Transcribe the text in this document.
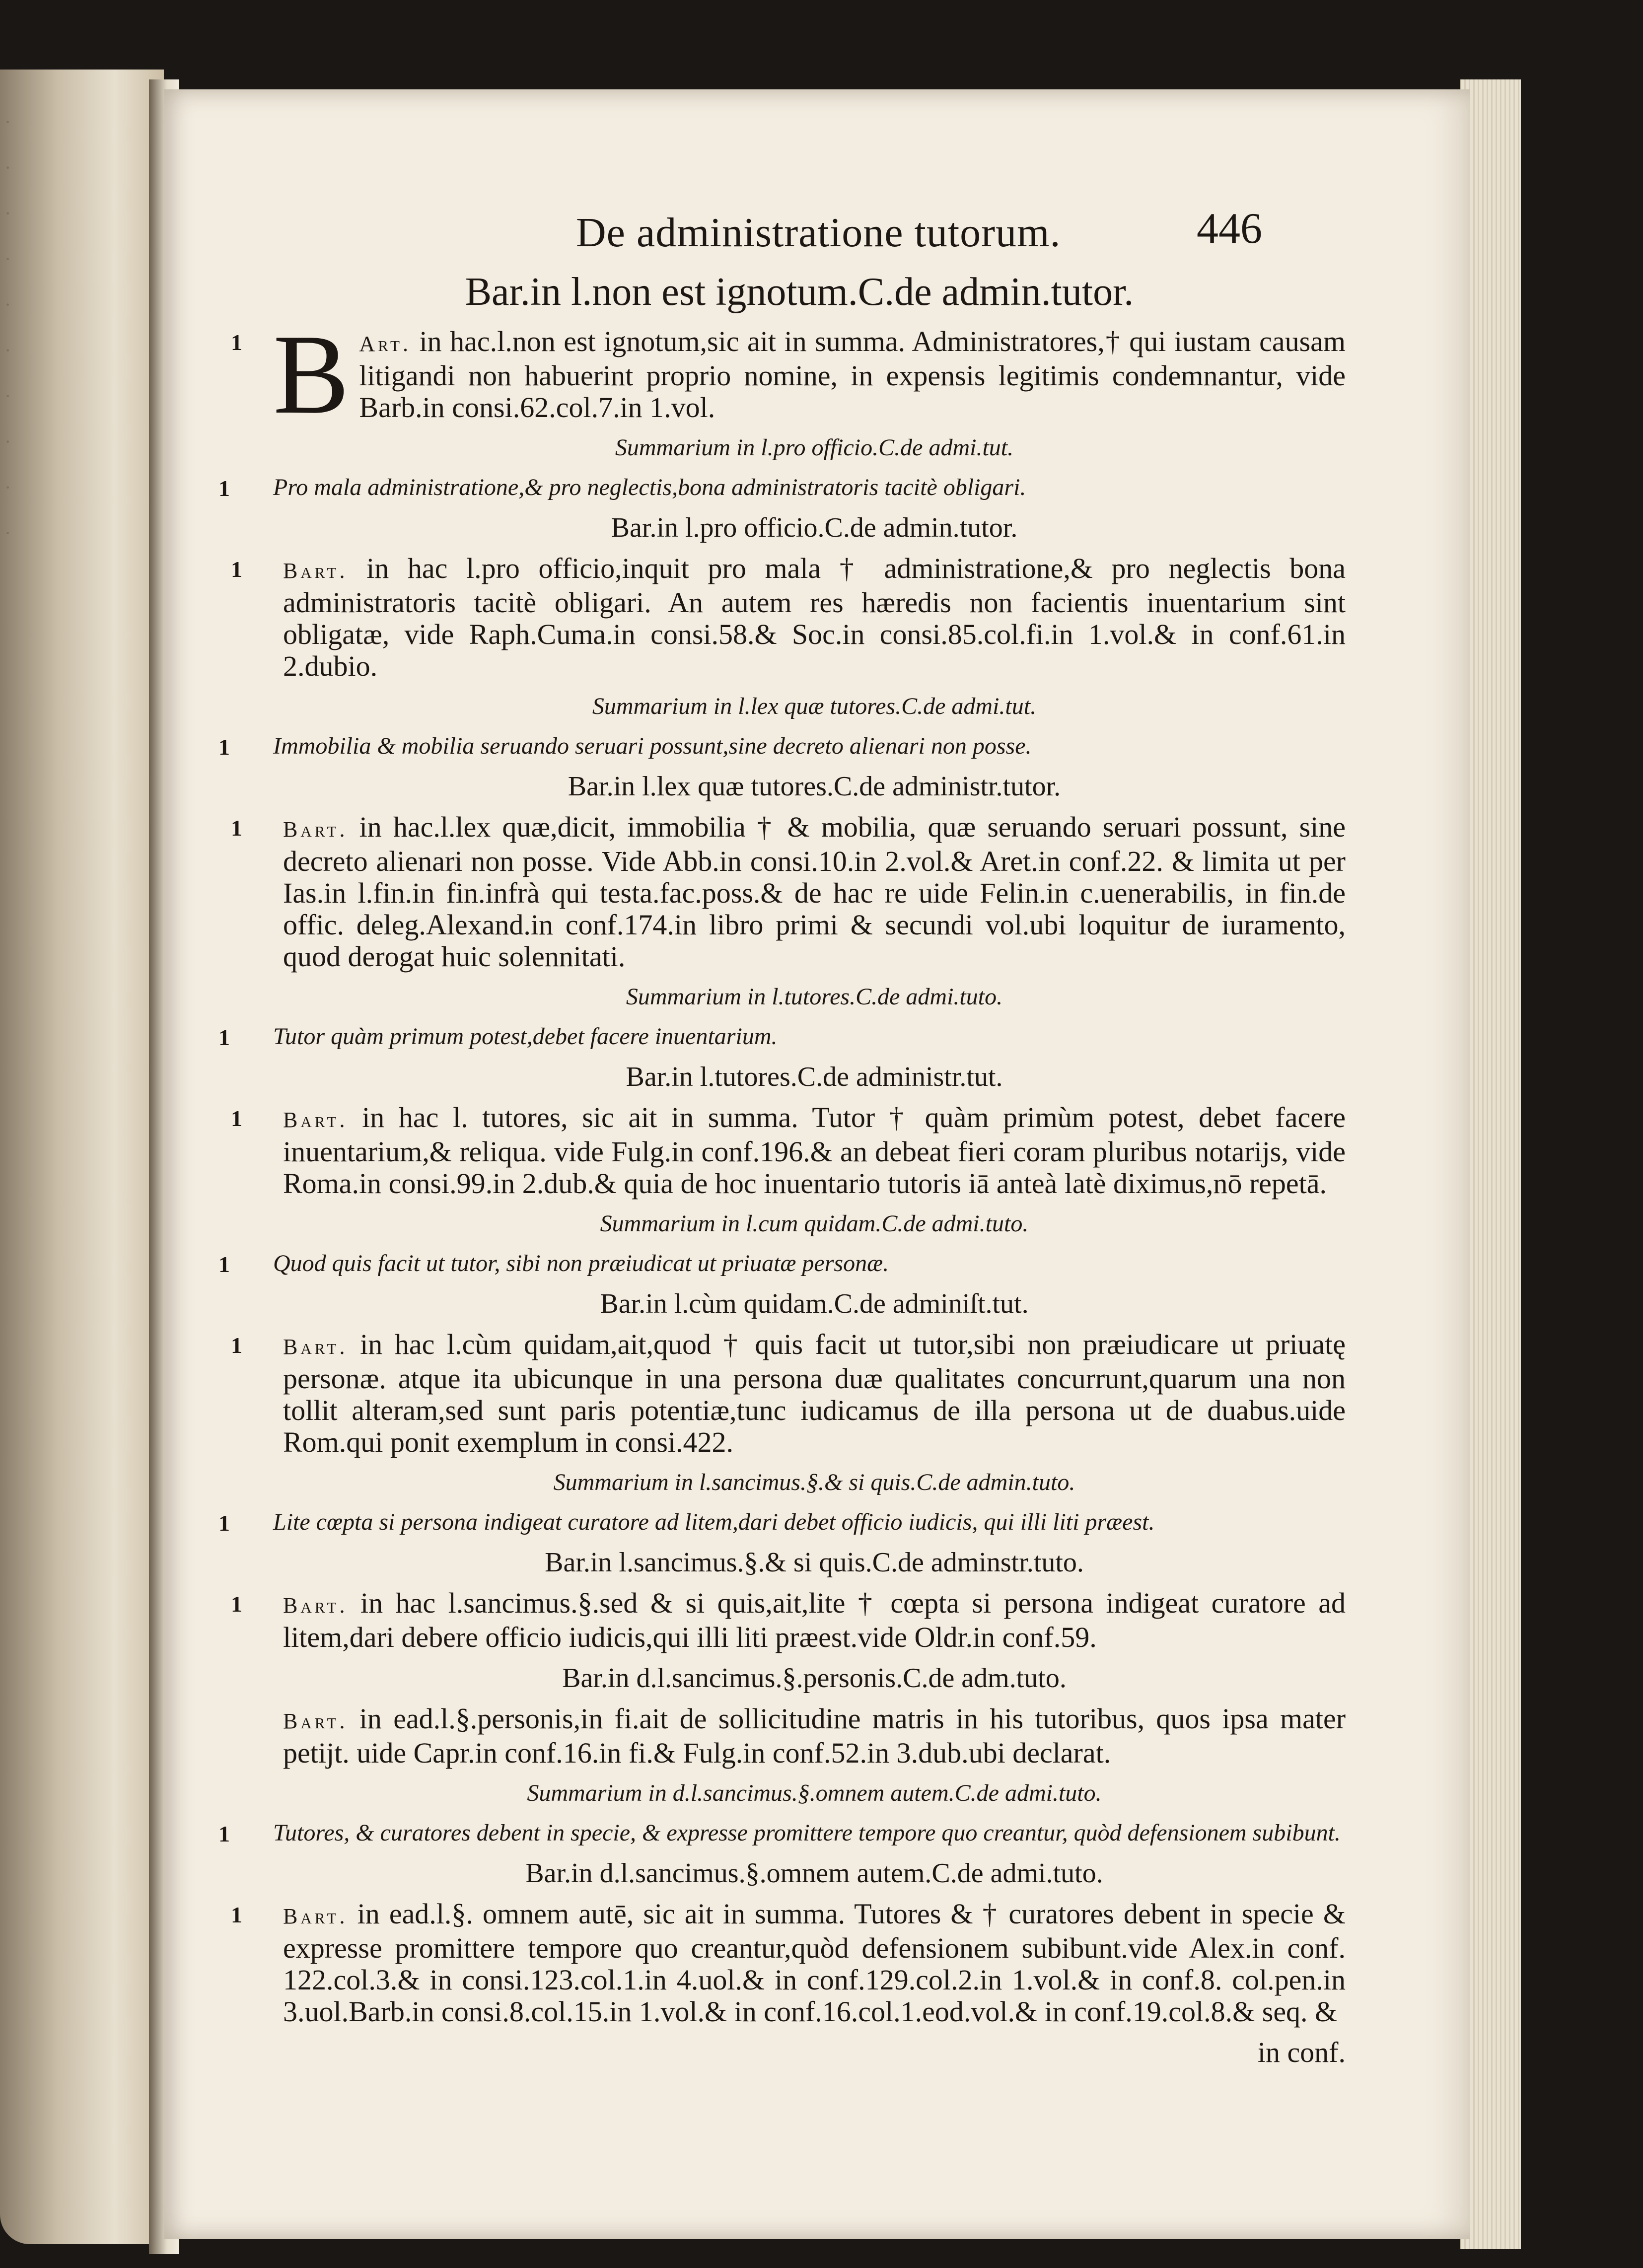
·
·
·
·
·
·
·
·
·
·
De administratione tutorum.	446
Bar.in l.non est ignotum.C.de admin.tutor.
1 B Art. in hac.l.non est ignotum,sic ait in summa. Administratores,† qui iustam causam litigandi non habuerint proprio nomine, in expensis legitimis condemnantur, vide Barb.in consi.62.col.7.in 1.vol.
Summarium in l.pro officio.C.de admi.tut.
1 Pro mala administratione,& pro neglectis,bona administratoris tacitè obligari.
Bar.in l.pro officio.C.de admin.tutor.
1 Bart. in hac l.pro officio,inquit pro mala † administratione,& pro neglectis bona administratoris tacitè obligari. An autem res hæredis non facientis inuentarium sint obligatæ, vide Raph.Cuma.in consi.58.& Soc.in consi.85.col.fi.in 1.vol.& in conf.61.in 2.dubio.
Summarium in l.lex quæ tutores.C.de admi.tut.
1 Immobilia & mobilia seruando seruari possunt,sine decreto alienari non posse.
Bar.in l.lex quæ tutores.C.de administr.tutor.
1 Bart. in hac.l.lex quæ,dicit, immobilia † & mobilia, quæ seruando seruari possunt, sine decreto alienari non posse. Vide Abb.in consi.10.in 2.vol.& Aret.in conf.22. & limita ut per Ias.in l.fin.in fin.infrà qui testa.fac.poss.& de hac re uide Felin.in c.uenerabilis, in fin.de offic. deleg.Alexand.in conf.174.in libro primi & secundi vol.ubi loquitur de iuramento, quod derogat huic solennitati.
Summarium in l.tutores.C.de admi.tuto.
1 Tutor quàm primum potest,debet facere inuentarium.
Bar.in l.tutores.C.de administr.tut.
1 Bart. in hac l. tutores, sic ait in summa. Tutor † quàm primùm potest, debet facere inuentarium,& reliqua. vide Fulg.in conf.196.& an debeat fieri coram pluribus notarijs, vide Roma.in consi.99.in 2.dub.& quia de hoc inuentario tutoris iā anteà latè diximus,nō repetā.
Summarium in l.cum quidam.C.de admi.tuto.
1 Quod quis facit ut tutor, sibi non præiudicat ut priuatæ personæ.
Bar.in l.cùm quidam.C.de adminiſt.tut.
1 Bart. in hac l.cùm quidam,ait,quod † quis facit ut tutor,sibi non præiudicare ut priuatę personæ. atque ita ubicunque in una persona duæ qualitates concurrunt,quarum una non tollit alteram,sed sunt paris potentiæ,tunc iudicamus de illa persona ut de duabus.uide Rom.qui ponit exemplum in consi.422.
Summarium in l.sancimus.§.& si quis.C.de admin.tuto.
1 Lite cœpta si persona indigeat curatore ad litem,dari debet officio iudicis, qui illi liti præest.
Bar.in l.sancimus.§.& si quis.C.de adminstr.tuto.
1 Bart. in hac l.sancimus.§.sed & si quis,ait,lite † cœpta si persona indigeat curatore ad litem,dari debere officio iudicis,qui illi liti præest.vide Oldr.in conf.59.
Bar.in d.l.sancimus.§.personis.C.de adm.tuto.
Bart. in ead.l.§.personis,in fi.ait de sollicitudine matris in his tutoribus, quos ipsa mater petijt. uide Capr.in conf.16.in fi.& Fulg.in conf.52.in 3.dub.ubi declarat.
Summarium in d.l.sancimus.§.omnem autem.C.de admi.tuto.
1 Tutores, & curatores debent in specie, & expresse promittere tempore quo creantur, quòd defensionem subibunt.
Bar.in d.l.sancimus.§.omnem autem.C.de admi.tuto.
1 Bart. in ead.l.§. omnem autē, sic ait in summa. Tutores & † curatores debent in specie & expresse promittere tempore quo creantur,quòd defensionem subibunt.vide Alex.in conf. 122.col.3.& in consi.123.col.1.in 4.uol.& in conf.129.col.2.in 1.vol.& in conf.8. col.pen.in 3.uol.Barb.in consi.8.col.15.in 1.vol.& in conf.16.col.1.eod.vol.& in conf.19.col.8.& seq. &
in conf.
